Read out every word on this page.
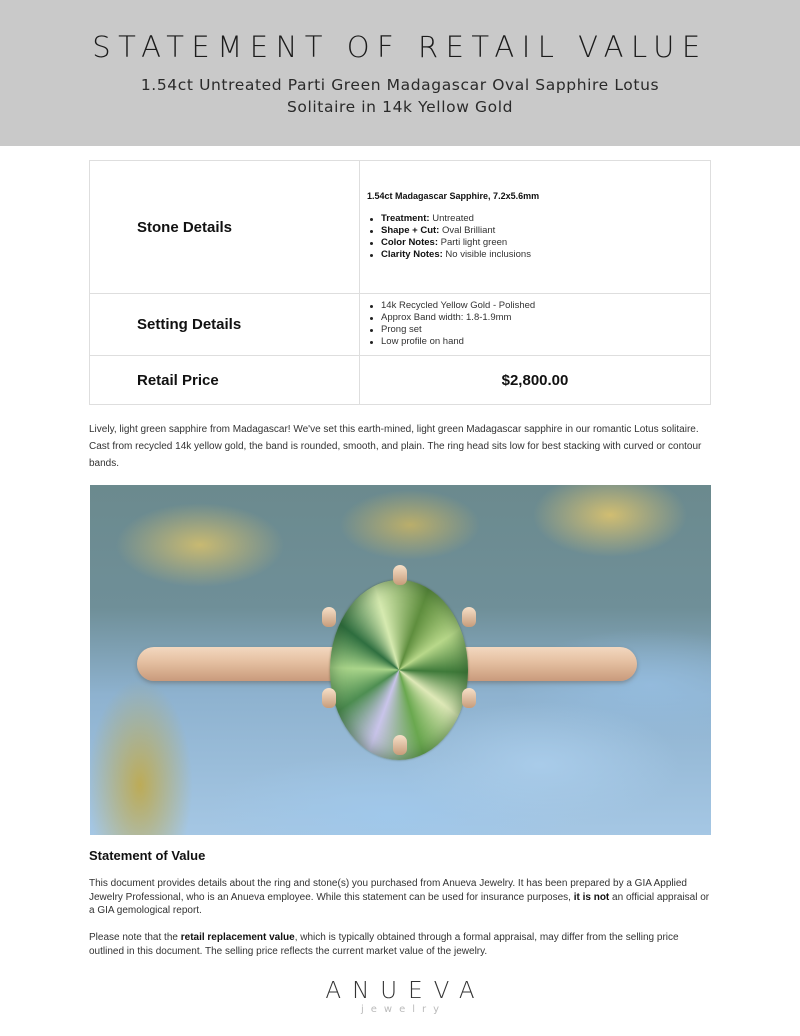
STATEMENT OF RETAIL VALUE
1.54ct Untreated Parti Green Madagascar Oval Sapphire Lotus Solitaire in 14k Yellow Gold
Stone Details
1.54ct Madagascar Sapphire, 7.2x5.6mm
Treatment: Untreated
Shape + Cut: Oval Brilliant
Color Notes: Parti light green
Clarity Notes: No visible inclusions
Setting Details
14k Recycled Yellow Gold - Polished
Approx Band width: 1.8-1.9mm
Prong set
Low profile on hand
Retail Price	$2,800.00

Lively, light green sapphire from Madagascar! We've set this earth-mined, light green Madagascar sapphire in our romantic Lotus solitaire. Cast from recycled 14k yellow gold, the band is rounded, smooth, and plain. The ring head sits low for best stacking with curved or contour bands.

Statement of Value

This document provides details about the ring and stone(s) you purchased from Anueva Jewelry. It has been prepared by a GIA Applied Jewelry Professional, who is an Anueva employee. While this statement can be used for insurance purposes, it is not an official appraisal or a GIA gemological report.

Please note that the retail replacement value, which is typically obtained through a formal appraisal, may differ from the selling price outlined in this document. The selling price reflects the current market value of the jewelry.

ANUEVA
jewelry
